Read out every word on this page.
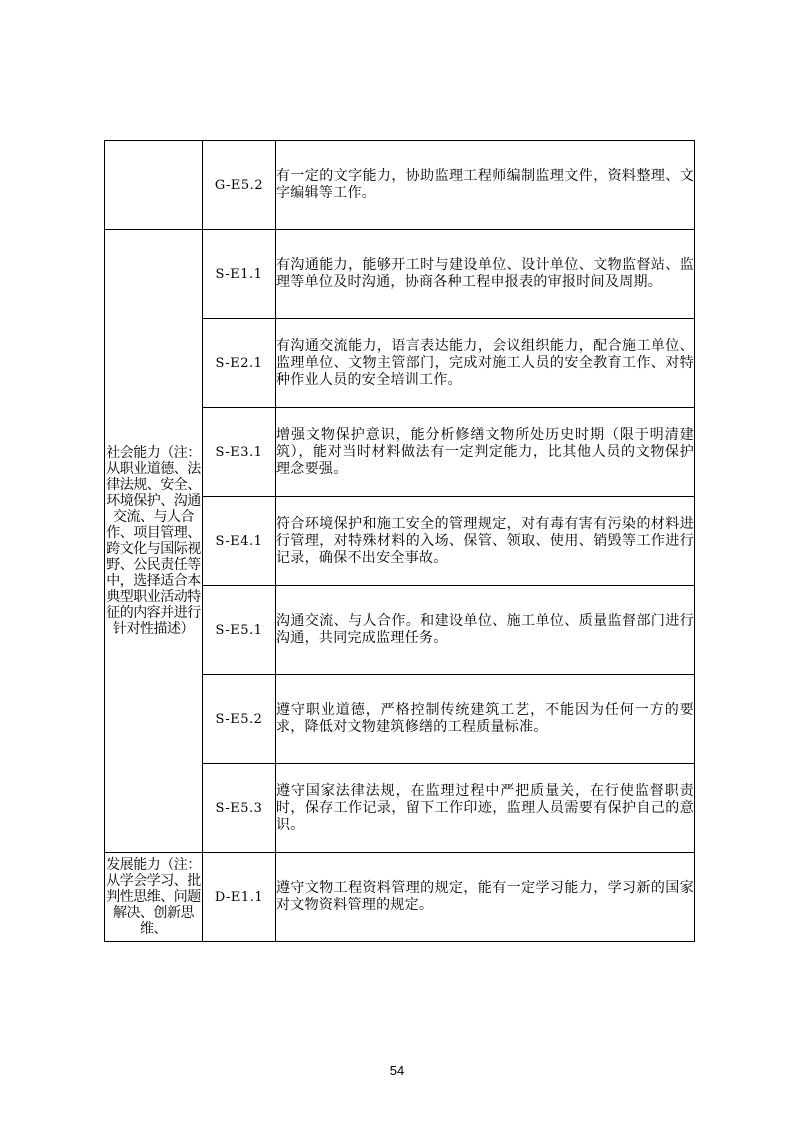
	G-E5.2	有一定的文字能力，协助监理工程师编制监理文件，资料整理、文字编辑等工作。

社会能力（注：从职业道德、法律法规、安全、环境保护、沟通交流、与人合作、项目管理、跨文化与国际视野、公民责任等中，选择适合本典型职业活动特征的内容并进行针对性描述）	S-E1.1	有沟通能力，能够开工时与建设单位、设计单位、文物监督站、监理等单位及时沟通，协商各种工程申报表的审报时间及周期。
	S-E2.1	有沟通交流能力，语言表达能力，会议组织能力，配合施工单位、监理单位、文物主管部门，完成对施工人员的安全教育工作、对特种作业人员的安全培训工作。
	S-E3.1	增强文物保护意识，能分析修缮文物所处历史时期（限于明清建筑），能对当时材料做法有一定判定能力，比其他人员的文物保护理念要强。
	S-E4.1	符合环境保护和施工安全的管理规定，对有毒有害有污染的材料进行管理，对特殊材料的入场、保管、领取、使用、销毁等工作进行记录，确保不出安全事故。
	S-E5.1	沟通交流、与人合作。和建设单位、施工单位、质量监督部门进行沟通，共同完成监理任务。
	S-E5.2	遵守职业道德，严格控制传统建筑工艺，不能因为任何一方的要求，降低对文物建筑修缮的工程质量标准。
	S-E5.3	遵守国家法律法规，在监理过程中严把质量关，在行使监督职责时，保存工作记录，留下工作印迹，监理人员需要有保护自己的意识。

发展能力（注：从学会学习、批判性思维、问题解决、创新思维、	D-E1.1	遵守文物工程资料管理的规定，能有一定学习能力，学习新的国家对文物资料管理的规定。
54
